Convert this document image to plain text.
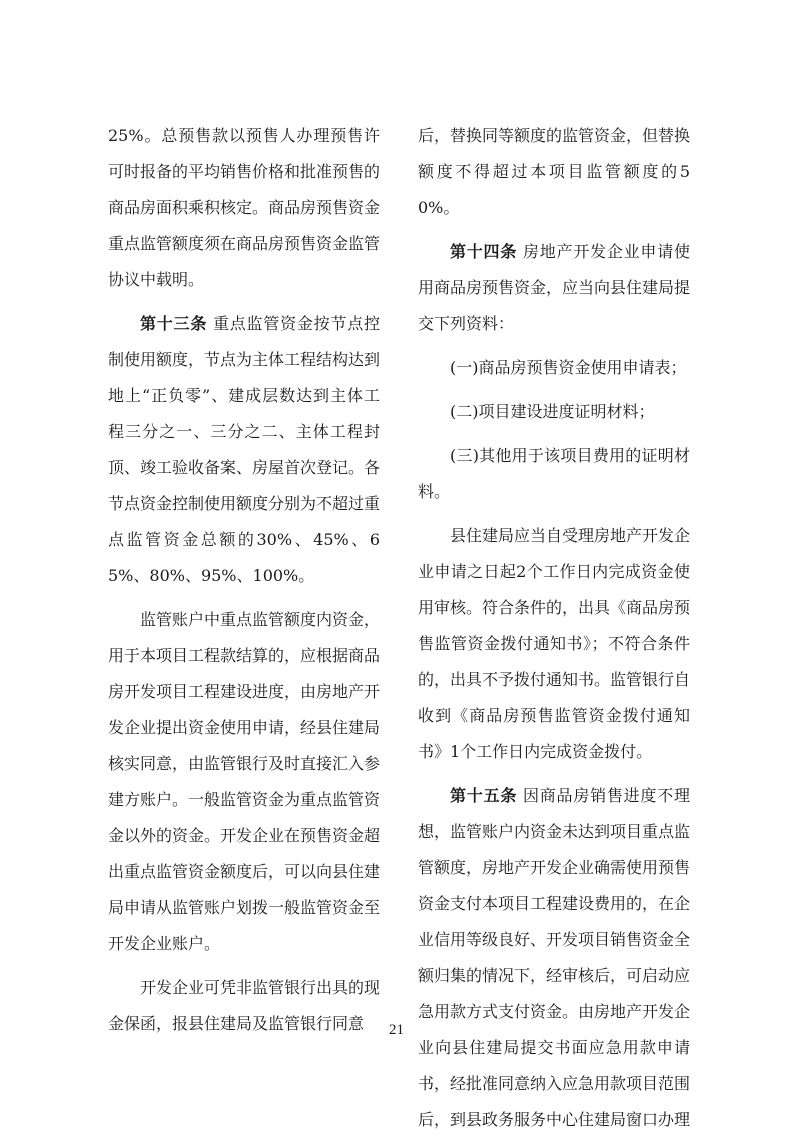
25%。总预售款以预售人办理预售许可时报备的平均销售价格和批准预售的商品房面积乘积核定。商品房预售资金重点监管额度须在商品房预售资金监管协议中载明。

第十三条 重点监管资金按节点控制使用额度，节点为主体工程结构达到地上“正负零”、建成层数达到主体工程三分之一、三分之二、主体工程封顶、竣工验收备案、房屋首次登记。各节点资金控制使用额度分别为不超过重点监管资金总额的30%、45%、65%、80%、95%、100%。

监管账户中重点监管额度内资金，用于本项目工程款结算的，应根据商品房开发项目工程建设进度，由房地产开发企业提出资金使用申请，经县住建局核实同意，由监管银行及时直接汇入参建方账户。一般监管资金为重点监管资金以外的资金。开发企业在预售资金超出重点监管资金额度后，可以向县住建局申请从监管账户划拨一般监管资金至开发企业账户。

开发企业可凭非监管银行出具的现金保函，报县住建局及监管银行同意

后，替换同等额度的监管资金，但替换额度不得超过本项目监管额度的50%。

第十四条 房地产开发企业申请使用商品房预售资金，应当向县住建局提交下列资料：

(一)商品房预售资金使用申请表；

(二)项目建设进度证明材料；

(三)其他用于该项目费用的证明材料。

县住建局应当自受理房地产开发企业申请之日起2个工作日内完成资金使用审核。符合条件的，出具《商品房预售监管资金拨付通知书》；不符合条件的，出具不予拨付通知书。监管银行自收到《商品房预售监管资金拨付通知书》1个工作日内完成资金拨付。

第十五条 因商品房销售进度不理想，监管账户内资金未达到项目重点监管额度，房地产开发企业确需使用预售资金支付本项目工程建设费用的，在企业信用等级良好、开发项目销售资金全额归集的情况下，经审核后，可启动应急用款方式支付资金。由房地产开发企业向县住建局提交书面应急用款申请书，经批准同意纳入应急用款项目范围后，到县政务服务中心住建局窗口办理

21
